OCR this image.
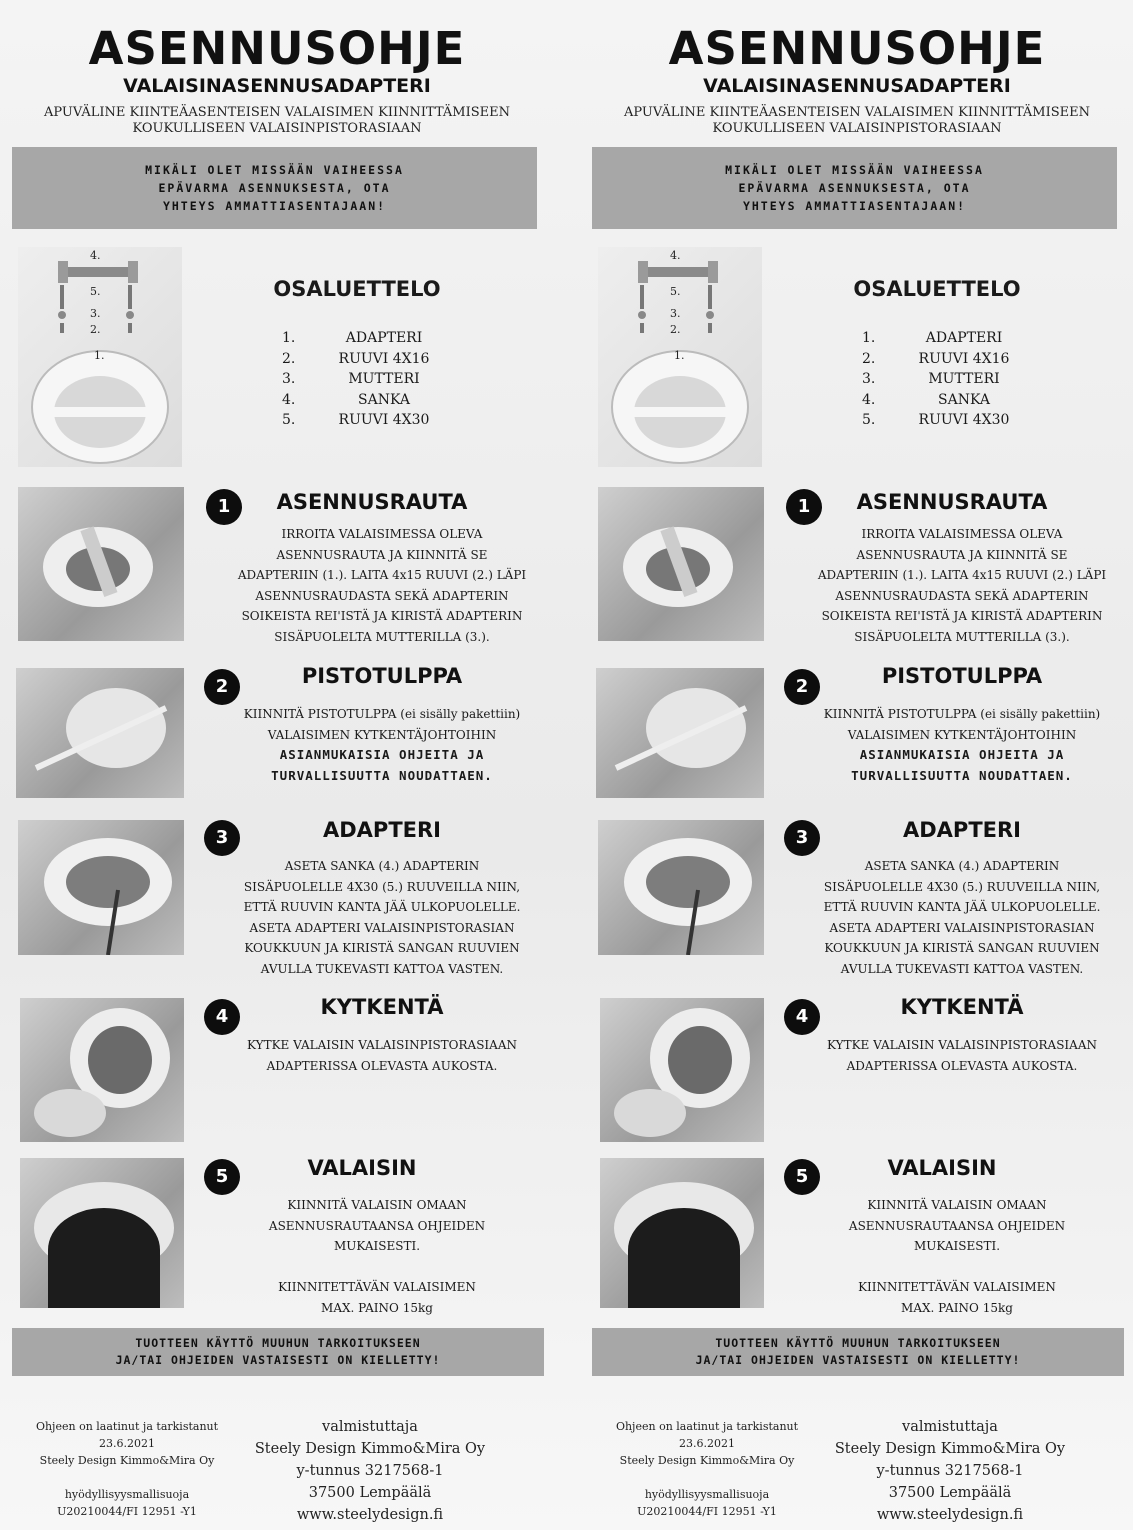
ASENNUSOHJE
VALAISINASENNUSADAPTERI
APUVÄLINE KIINTEÄASENTEISEN VALAISIMEN KIINNITTÄMISEEN
KOUKULLISEEN VALAISINPISTORASIAAN

MIKÄLI OLET MISSÄÄN VAIHEESSA
EPÄVARMA ASENNUKSESTA, OTA
YHTEYS AMMATTIASENTAJAAN!

4.
5.
3.
2.
1.
OSALUETTELO
1.	ADAPTERI
2.	RUUVI 4X16
3.	MUTTERI
4.	SANKA
5.	RUUVI 4X30
1	ASENNUSRAUTA
IRROITA VALAISIMESSA OLEVA
ASENNUSRAUTA JA KIINNITÄ SE
ADAPTERIIN (1.). LAITA 4x15 RUUVI (2.) LÄPI
ASENNUSRAUDASTA SEKÄ ADAPTERIN
SOIKEISTA REI'ISTÄ JA KIRISTÄ ADAPTERIN
SISÄPUOLELTA MUTTERILLA (3.).
2	PISTOTULPPA
KIINNITÄ PISTOTULPPA (ei sisälly pakettiin)
VALAISIMEN KYTKENTÄJOHTOIHIN
ASIANMUKAISIA OHJEITA JA
TURVALLISUUTTA NOUDATTAEN.
3	ADAPTERI
ASETA SANKA (4.) ADAPTERIN
SISÄPUOLELLE 4X30 (5.) RUUVEILLA NIIN,
ETTÄ RUUVIN KANTA JÄÄ ULKOPUOLELLE.
ASETA ADAPTERI VALAISINPISTORASIAN
KOUKKUUN JA KIRISTÄ SANGAN RUUVIEN
AVULLA TUKEVASTI KATTOA VASTEN.
4	KYTKENTÄ
KYTKE VALAISIN VALAISINPISTORASIAAN
ADAPTERISSA OLEVASTA AUKOSTA.
5	VALAISIN
KIINNITÄ VALAISIN OMAAN
ASENNUSRAUTAANSA OHJEIDEN
MUKAISESTI.
KIINNITETTÄVÄN VALAISIMEN
MAX. PAINO 15kg

TUOTTEEN KÄYTTÖ MUUHUN TARKOITUKSEEN
JA/TAI OHJEIDEN VASTAISESTI ON KIELLETTY!

Ohjeen on laatinut ja tarkistanut
23.6.2021
Steely Design Kimmo&Mira Oy
hyödyllisyysmallisuoja
U20210044/FI 12951 -Y1
valmistuttaja
Steely Design Kimmo&Mira Oy
y-tunnus 3217568-1
37500 Lempäälä
www.steelydesign.fi
ASENNUSOHJE
VALAISINASENNUSADAPTERI
APUVÄLINE KIINTEÄASENTEISEN VALAISIMEN KIINNITTÄMISEEN
KOUKULLISEEN VALAISINPISTORASIAAN

MIKÄLI OLET MISSÄÄN VAIHEESSA
EPÄVARMA ASENNUKSESTA, OTA
YHTEYS AMMATTIASENTAJAAN!

4.
5.
3.
2.
1.
OSALUETTELO
1.	ADAPTERI
2.	RUUVI 4X16
3.	MUTTERI
4.	SANKA
5.	RUUVI 4X30
1	ASENNUSRAUTA
IRROITA VALAISIMESSA OLEVA
ASENNUSRAUTA JA KIINNITÄ SE
ADAPTERIIN (1.). LAITA 4x15 RUUVI (2.) LÄPI
ASENNUSRAUDASTA SEKÄ ADAPTERIN
SOIKEISTA REI'ISTÄ JA KIRISTÄ ADAPTERIN
SISÄPUOLELTA MUTTERILLA (3.).
2	PISTOTULPPA
KIINNITÄ PISTOTULPPA (ei sisälly pakettiin)
VALAISIMEN KYTKENTÄJOHTOIHIN
ASIANMUKAISIA OHJEITA JA
TURVALLISUUTTA NOUDATTAEN.
3	ADAPTERI
ASETA SANKA (4.) ADAPTERIN
SISÄPUOLELLE 4X30 (5.) RUUVEILLA NIIN,
ETTÄ RUUVIN KANTA JÄÄ ULKOPUOLELLE.
ASETA ADAPTERI VALAISINPISTORASIAN
KOUKKUUN JA KIRISTÄ SANGAN RUUVIEN
AVULLA TUKEVASTI KATTOA VASTEN.
4	KYTKENTÄ
KYTKE VALAISIN VALAISINPISTORASIAAN
ADAPTERISSA OLEVASTA AUKOSTA.
5	VALAISIN
KIINNITÄ VALAISIN OMAAN
ASENNUSRAUTAANSA OHJEIDEN
MUKAISESTI.
KIINNITETTÄVÄN VALAISIMEN
MAX. PAINO 15kg

TUOTTEEN KÄYTTÖ MUUHUN TARKOITUKSEEN
JA/TAI OHJEIDEN VASTAISESTI ON KIELLETTY!

Ohjeen on laatinut ja tarkistanut
23.6.2021
Steely Design Kimmo&Mira Oy
hyödyllisyysmallisuoja
U20210044/FI 12951 -Y1
valmistuttaja
Steely Design Kimmo&Mira Oy
y-tunnus 3217568-1
37500 Lempäälä
www.steelydesign.fi
